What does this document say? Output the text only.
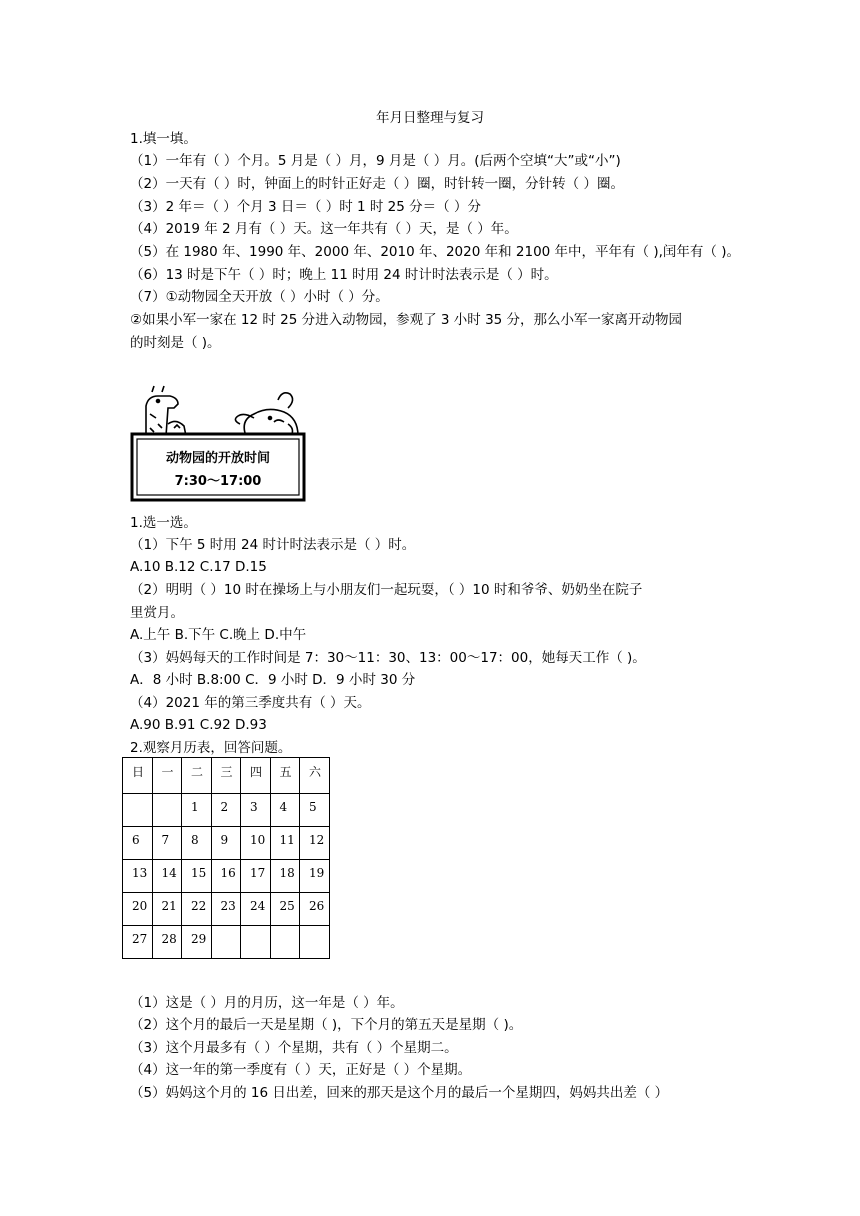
年月日整理与复习
1.填一填。
（1）一年有（ ）个月。5 月是（ ）月，9 月是（ ）月。(后两个空填“大”或“小”)
（2）一天有（ ）时，钟面上的时针正好走（ ）圈，时针转一圈，分针转（ ）圈。
（3）2 年＝（ ）个月 3 日＝（ ）时 1 时 25 分＝（ ）分
（4）2019 年 2 月有（ ）天。这一年共有（ ）天，是（ ）年。
（5）在 1980 年、1990 年、2000 年、2010 年、2020 年和 2100 年中，平年有（ ),闰年有（ )。
（6）13 时是下午（ ）时；晚上 11 时用 24 时计时法表示是（ ）时。
（7）①动物园全天开放（ ）小时（ ）分。
②如果小军一家在 12 时 25 分进入动物园，参观了 3 小时 35 分，那么小军一家离开动物园
的时刻是（ )。
动物园的开放时间
7:30～17:00
1.选一选。
（1）下午 5 时用 24 时计时法表示是（ ）时。
A.10 B.12 C.17 D.15
（2）明明（ ）10 时在操场上与小朋友们一起玩耍，（ ）10 时和爷爷、奶奶坐在院子
里赏月。
A.上午 B.下午 C.晚上 D.中午
（3）妈妈每天的工作时间是 7：30～11：30、13：00～17：00，她每天工作（ )。
A．8 小时 B.8:00 C．9 小时 D．9 小时 30 分
（4）2021 年的第三季度共有（ ）天。
A.90 B.91 C.92 D.93
2.观察月历表，回答问题。
日	一	二	三	四	五	六
		1	2	3	4	5
6	7	8	9	10	11	12
13	14	15	16	17	18	19
20	21	22	23	24	25	26
27	28	29				
（1）这是（ ）月的月历，这一年是（ ）年。
（2）这个月的最后一天是星期（ )，下个月的第五天是星期（ )。
（3）这个月最多有（ ）个星期，共有（ ）个星期二。
（4）这一年的第一季度有（ ）天，正好是（ ）个星期。
（5）妈妈这个月的 16 日出差，回来的那天是这个月的最后一个星期四，妈妈共出差（ ）
